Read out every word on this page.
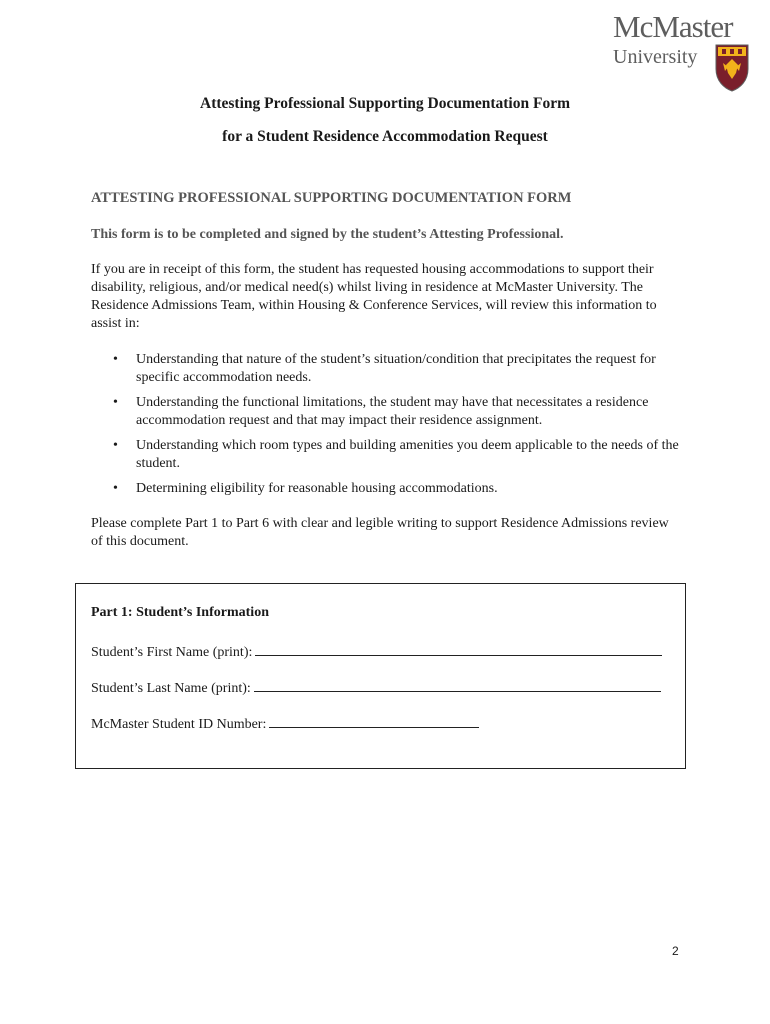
McMaster
University
Attesting Professional Supporting Documentation Form
for a Student Residence Accommodation Request
ATTESTING PROFESSIONAL SUPPORTING DOCUMENTATION FORM
This form is to be completed and signed by the student’s Attesting Professional.
If you are in receipt of this form, the student has requested housing accommodations to support their disability, religious, and/or medical need(s) whilst living in residence at McMaster University. The Residence Admissions Team, within Housing & Conference Services, will review this information to assist in:
• Understanding that nature of the student’s situation/condition that precipitates the request for specific accommodation needs.
• Understanding the functional limitations, the student may have that necessitates a residence accommodation request and that may impact their residence assignment.
• Understanding which room types and building amenities you deem applicable to the needs of the student.
• Determining eligibility for reasonable housing accommodations.
Please complete Part 1 to Part 6 with clear and legible writing to support Residence Admissions review of this document.
Part 1: Student’s Information
Student’s First Name (print):
Student’s Last Name (print):
McMaster Student ID Number:
2
